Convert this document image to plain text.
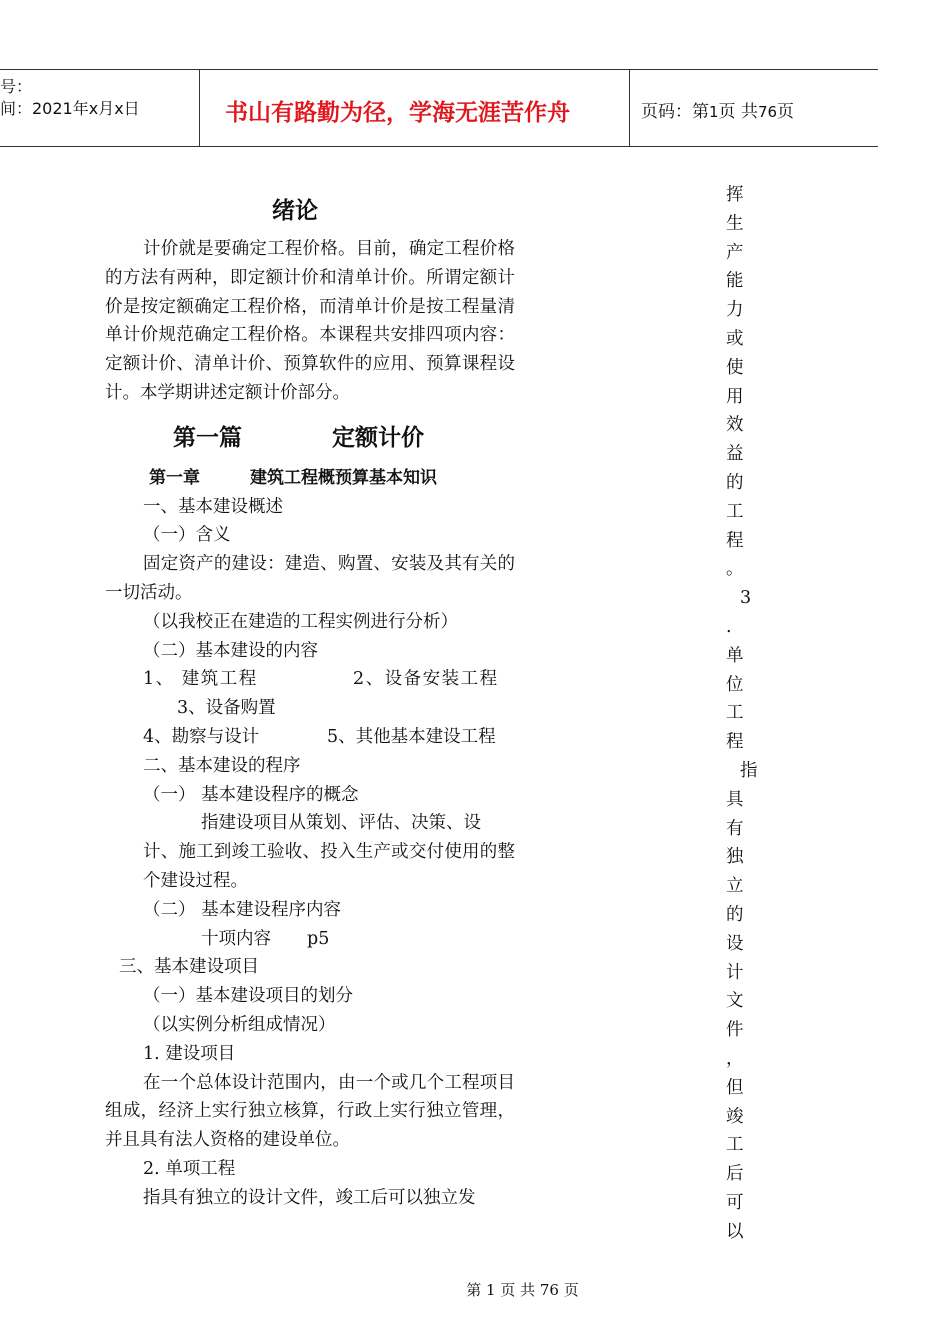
号：
间：2021年x月x日	书山有路勤为径，学海无涯苦作舟	页码：第1页 共76页

绪论

计价就是要确定工程价格。目前，确定工程价格的方法有两种，即定额计价和清单计价。所谓定额计价是按定额确定工程价格，而清单计价是按工程量清单计价规范确定工程价格。本课程共安排四项内容：定额计价、清单计价、预算软件的应用、预算课程设计。本学期讲述定额计价部分。

第一篇	定额计价

第一章	建筑工程概预算基本知识

一、基本建设概述

（一）含义

固定资产的建设：建造、购置、安装及其有关的一切活动。

（以我校正在建造的工程实例进行分析）

（二）基本建设的内容

1、 建筑工程	2、设备安装工程

3、设备购置

4、勘察与设计	5、其他基本建设工程

二、基本建设的程序

（一） 基本建设程序的概念

指建设项目从策划、评估、决策、设

计、施工到竣工验收、投入生产或交付使用的整个建设过程。

（二） 基本建设程序内容

十项内容	p5

三、基本建设项目

（一）基本建设项目的划分

（以实例分析组成情况）

1. 建设项目

在一个总体设计范围内，由一个或几个工程项目组成，经济上实行独立核算，行政上实行独立管理，并且具有法人资格的建设单位。

2. 单项工程

指具有独立的设计文件，竣工后可以独立发

挥
生
产
能
力
或
使
用
效
益
的
工
程
。
3
.
单
位
工
程
指
具
有
独
立
的
设
计
文
件
，
但
竣
工
后
可
以
第 1 页 共 76 页
